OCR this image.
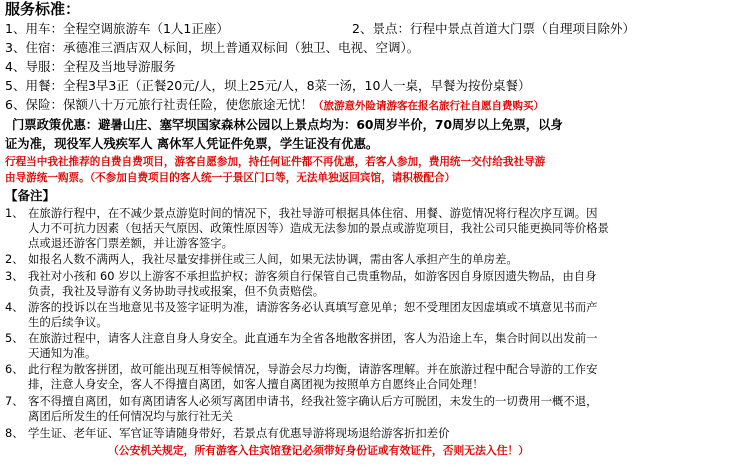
服务标准：
1、用车：全程空调旅游车（1人1正座）	2、景点：行程中景点首道大门票（自理项目除外）
3、住宿：承德准三酒店双人标间，坝上普通双标间（独卫、电视、空调）。
4、导服：全程及当地导游服务
5、用餐：全程3早3正（正餐20元/人，坝上25元/人，8菜一汤，10人一桌，早餐为按份桌餐）
6、保险：保额八十万元旅行社责任险，使您旅途无忧！（旅游意外险请游客在报名旅行社自愿自费购买）
门票政策优惠：避暑山庄、塞罕坝国家森林公园以上景点均为：60周岁半价，70周岁以上免票，以身
证为准，现役军人残疾军人 离休军人凭证件免票，学生证没有优惠。
行程当中我社推荐的自费自费项目，游客自愿参加，持任何证件都不再优惠，若客人参加，费用统一交付给我社导游
由导游统一购票。（不参加自费项目的客人统一于景区门口等，无法单独返回宾馆，请积极配合）
【备注】
1、 在旅游行程中，在不减少景点游览时间的情况下，我社导游可根据具体住宿、用餐、游览情况将行程次序互调。因
人力不可抗力因素（包括天气原因、政策性原因等）造成无法参加的景点或游览项目，我社公司只能更换同等价格景
点或退还游客门票差额，并让游客签字。
2、 如报名人数不满两人，我社尽量安排拼住或三人间，如果无法协调，需由客人承担产生的单房差。
3、 我社对小孩和 60 岁以上游客不承担监护权；游客须自行保管自己贵重物品，如游客因自身原因遗失物品，由自身
负责，我社及导游有义务协助寻找或报案，但不负责赔偿。
4、 游客的投诉以在当地意见书及签字证明为准，请游客务必认真填写意见单；恕不受理团友因虚填或不填意见书而产
生的后续争议。
5、 在旅游过程中，请客人注意自身人身安全。此直通车为全省各地散客拼团，客人为沿途上车，集合时间以出发前一
天通知为准。
6、 此行程为散客拼团，故可能出现互相等候情况，导游会尽力均衡，请游客理解。并在旅游过程中配合导游的工作安
排，注意人身安全，客人不得擅自离团，如客人擅自离团视为按照单方自愿终止合同处理！
7、 客不得擅自离团，如有离团请客人必须写离团申请书，经我社签字确认后方可脱团，未发生的一切费用一概不退，
离团后所发生的任何情况均与旅行社无关
8、 学生证、老年证、军官证等请随身带好，若景点有优惠导游将现场退给游客折扣差价
（公安机关规定，所有游客入住宾馆登记必须带好身份证或有效证件，否则无法入住！）
